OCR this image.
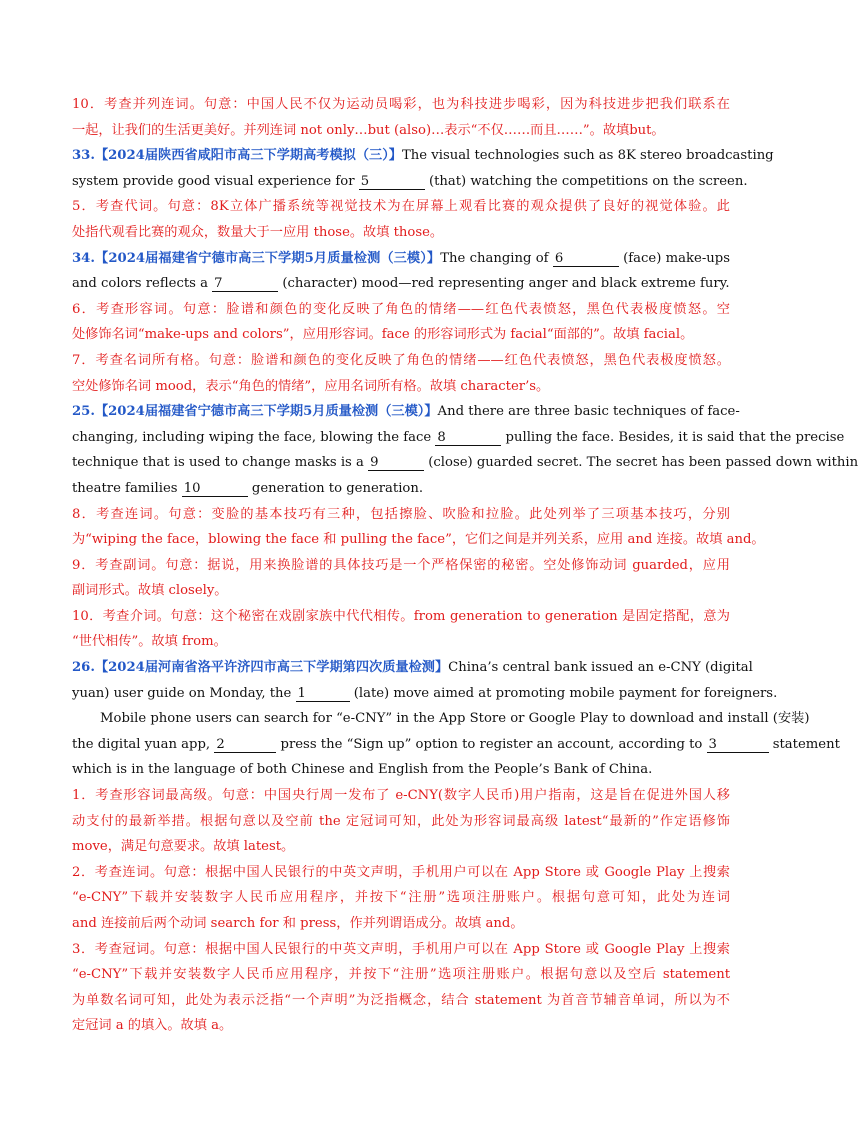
10．考查并列连词。句意：中国人民不仅为运动员喝彩，也为科技进步喝彩，因为科技进步把我们联系在

一起，让我们的生活更美好。并列连词 not only…but (also)…表示“不仅……而且……”。故填but。

33.【2024届陕西省咸阳市高三下学期高考模拟（三）】The visual technologies such as 8K stereo broadcasting

system provide good visual experience for 5	(that) watching the competitions on the screen.

5．考查代词。句意：8K立体广播系统等视觉技术为在屏幕上观看比赛的观众提供了良好的视觉体验。此

处指代观看比赛的观众，数量大于一应用 those。故填 those。

34.【2024届福建省宁德市高三下学期5月质量检测（三模）】The changing of 6	(face) make-ups

and colors reflects a 7	(character) mood—red representing anger and black extreme fury.

6．考查形容词。句意：脸谱和颜色的变化反映了角色的情绪——红色代表愤怒，黑色代表极度愤怒。空

处修饰名词“make-ups and colors”，应用形容词。face 的形容词形式为 facial“面部的”。故填 facial。

7．考查名词所有格。句意：脸谱和颜色的变化反映了角色的情绪——红色代表愤怒，黑色代表极度愤怒。

空处修饰名词 mood，表示“角色的情绪”，应用名词所有格。故填 character’s。

25.【2024届福建省宁德市高三下学期5月质量检测（三模）】And there are three basic techniques of face-

changing, including wiping the face, blowing the face 8	pulling the face. Besides, it is said that the precise

technique that is used to change masks is a 9	(close) guarded secret. The secret has been passed down within

theatre families 10	generation to generation.

8．考查连词。句意：变脸的基本技巧有三种，包括擦脸、吹脸和拉脸。此处列举了三项基本技巧，分别

为“wiping the face，blowing the face 和 pulling the face”，它们之间是并列关系，应用 and 连接。故填 and。

9．考查副词。句意：据说，用来换脸谱的具体技巧是一个严格保密的秘密。空处修饰动词 guarded，应用

副词形式。故填 closely。

10．考查介词。句意：这个秘密在戏剧家族中代代相传。from generation to generation 是固定搭配，意为

“世代相传”。故填 from。

26.【2024届河南省洛平许济四市高三下学期第四次质量检测】China’s central bank issued an e-CNY (digital

yuan) user guide on Monday, the 1	(late) move aimed at promoting mobile payment for foreigners.

Mobile phone users can search for “e-CNY” in the App Store or Google Play to download and install (安装)

the digital yuan app, 2	press the “Sign up” option to register an account, according to 3	statement

which is in the language of both Chinese and English from the People’s Bank of China.

1．考查形容词最高级。句意：中国央行周一发布了 e-CNY(数字人民币)用户指南，这是旨在促进外国人移

动支付的最新举措。根据句意以及空前 the 定冠词可知，此处为形容词最高级 latest“最新的”作定语修饰

move，满足句意要求。故填 latest。

2．考查连词。句意：根据中国人民银行的中英文声明，手机用户可以在 App Store 或 Google Play 上搜索

“e-CNY”下载并安装数字人民币应用程序，并按下“注册”选项注册账户。根据句意可知，此处为连词

and 连接前后两个动词 search for 和 press，作并列谓语成分。故填 and。

3．考查冠词。句意：根据中国人民银行的中英文声明，手机用户可以在 App Store 或 Google Play 上搜索

“e-CNY”下载并安装数字人民币应用程序，并按下“注册”选项注册账户。根据句意以及空后 statement

为单数名词可知，此处为表示泛指“一个声明”为泛指概念，结合 statement 为首音节辅音单词，所以为不

定冠词 a 的填入。故填 a。
